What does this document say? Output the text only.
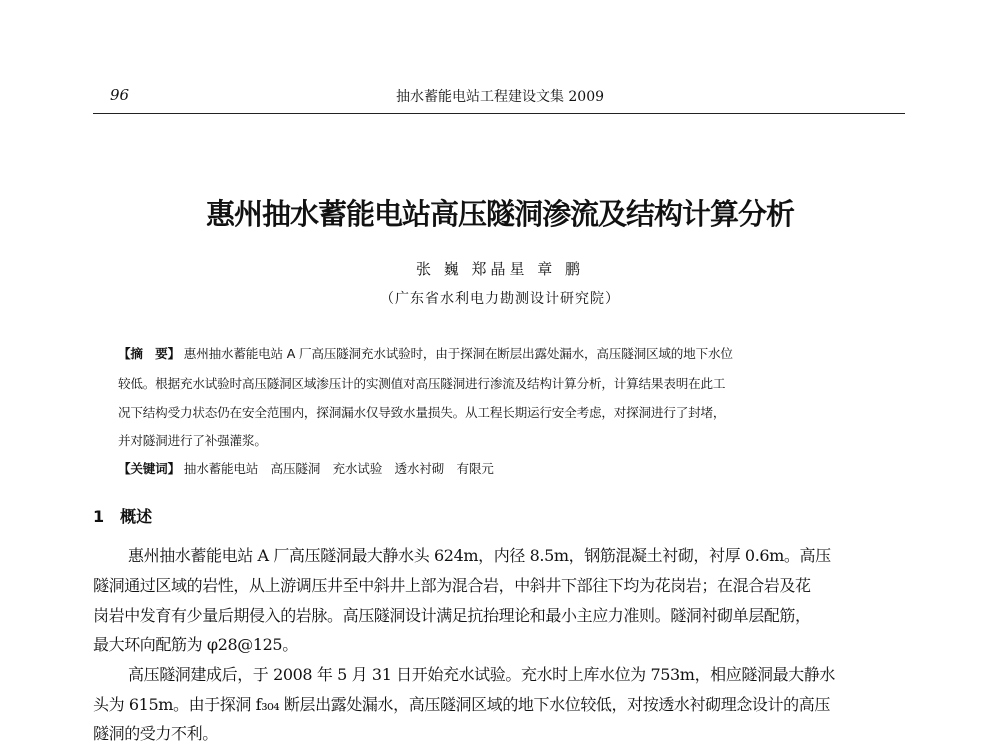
96	抽水蓄能电站工程建设文集 2009
惠州抽水蓄能电站高压隧洞渗流及结构计算分析
张 巍 郑晶星 章 鹏
（广东省水利电力勘测设计研究院）
【摘　要】 惠州抽水蓄能电站 A 厂高压隧洞充水试验时，由于探洞在断层出露处漏水，高压隧洞区域的地下水位
较低。根据充水试验时高压隧洞区域渗压计的实测值对高压隧洞进行渗流及结构计算分析，计算结果表明在此工
况下结构受力状态仍在安全范围内，探洞漏水仅导致水量损失。从工程长期运行安全考虑，对探洞进行了封堵，
并对隧洞进行了补强灌浆。
【关键词】 抽水蓄能电站　高压隧洞　充水试验　透水衬砌　有限元
1　概述
惠州抽水蓄能电站 A 厂高压隧洞最大静水头 624m，内径 8.5m，钢筋混凝土衬砌，衬厚 0.6m。高压
隧洞通过区域的岩性，从上游调压井至中斜井上部为混合岩，中斜井下部往下均为花岗岩；在混合岩及花
岗岩中发育有少量后期侵入的岩脉。高压隧洞设计满足抗抬理论和最小主应力准则。隧洞衬砌单层配筋，
最大环向配筋为 φ28@125。
高压隧洞建成后，于 2008 年 5 月 31 日开始充水试验。充水时上库水位为 753m，相应隧洞最大静水
头为 615m。由于探洞 f₃₀₄ 断层出露处漏水，高压隧洞区域的地下水位较低，对按透水衬砌理念设计的高压
隧洞的受力不利。
